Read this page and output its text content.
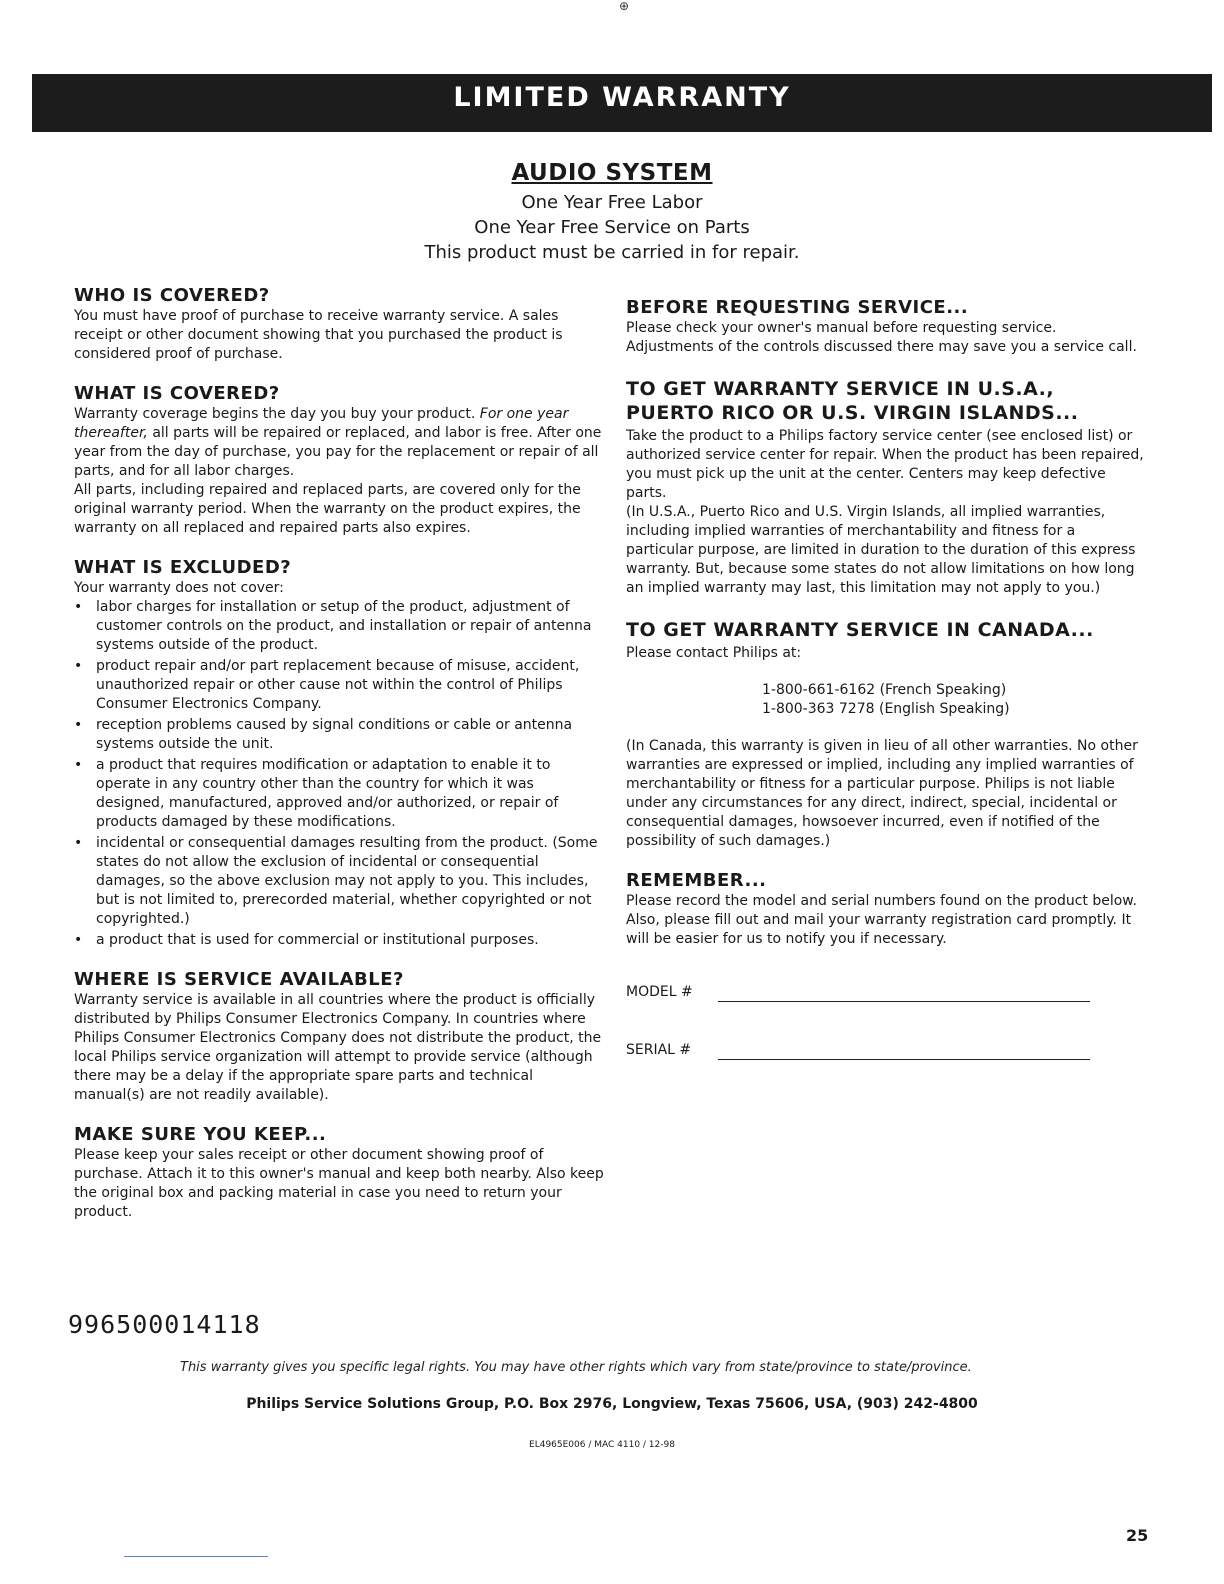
⊕
LIMITED WARRANTY
AUDIO SYSTEM
One Year Free Labor
One Year Free Service on Parts
This product must be carried in for repair.
WHO IS COVERED?

You must have proof of purchase to receive warranty service. A sales receipt or other document showing that you purchased the product is considered proof of purchase.

WHAT IS COVERED?

Warranty coverage begins the day you buy your product. For one year thereafter, all parts will be repaired or replaced, and labor is free. After one year from the day of purchase, you pay for the replacement or repair of all parts, and for all labor charges.

All parts, including repaired and replaced parts, are covered only for the original warranty period. When the warranty on the product expires, the warranty on all replaced and repaired parts also expires.

WHAT IS EXCLUDED?

Your warranty does not cover:

• labor charges for installation or setup of the product, adjustment of customer controls on the product, and installation or repair of antenna systems outside of the product.
• product repair and/or part replacement because of misuse, accident, unauthorized repair or other cause not within the control of Philips Consumer Electronics Company.
• reception problems caused by signal conditions or cable or antenna systems outside the unit.
• a product that requires modification or adaptation to enable it to operate in any country other than the country for which it was designed, manufactured, approved and/or authorized, or repair of products damaged by these modifications.
• incidental or consequential damages resulting from the product. (Some states do not allow the exclusion of incidental or consequential damages, so the above exclusion may not apply to you. This includes, but is not limited to, prerecorded material, whether copyrighted or not copyrighted.)
• a product that is used for commercial or institutional purposes.
WHERE IS SERVICE AVAILABLE?

Warranty service is available in all countries where the product is officially distributed by Philips Consumer Electronics Company. In countries where Philips Consumer Electronics Company does not distribute the product, the local Philips service organization will attempt to provide service (although there may be a delay if the appropriate spare parts and technical manual(s) are not readily available).

MAKE SURE YOU KEEP...

Please keep your sales receipt or other document showing proof of purchase. Attach it to this owner's manual and keep both nearby. Also keep the original box and packing material in case you need to return your product.

BEFORE REQUESTING SERVICE...

Please check your owner's manual before requesting service. Adjustments of the controls discussed there may save you a service call.

TO GET WARRANTY SERVICE IN U.S.A., PUERTO RICO OR U.S. VIRGIN ISLANDS...

Take the product to a Philips factory service center (see enclosed list) or authorized service center for repair. When the product has been repaired, you must pick up the unit at the center. Centers may keep defective parts.

(In U.S.A., Puerto Rico and U.S. Virgin Islands, all implied warranties, including implied warranties of merchantability and fitness for a particular purpose, are limited in duration to the duration of this express warranty. But, because some states do not allow limitations on how long an implied warranty may last, this limitation may not apply to you.)

TO GET WARRANTY SERVICE IN CANADA...

Please contact Philips at:

1-800-661-6162 (French Speaking)
1-800-363 7278 (English Speaking)

(In Canada, this warranty is given in lieu of all other warranties. No other warranties are expressed or implied, including any implied warranties of merchantability or fitness for a particular purpose. Philips is not liable under any circumstances for any direct, indirect, special, incidental or consequential damages, howsoever incurred, even if notified of the possibility of such damages.)

REMEMBER...

Please record the model and serial numbers found on the product below. Also, please fill out and mail your warranty registration card promptly. It will be easier for us to notify you if necessary.

MODEL #
SERIAL #
996500014118
This warranty gives you specific legal rights. You may have other rights which vary from state/province to state/province.
Philips Service Solutions Group, P.O. Box 2976, Longview, Texas 75606, USA, (903) 242-4800
EL4965E006 / MAC 4110 / 12-98
25
